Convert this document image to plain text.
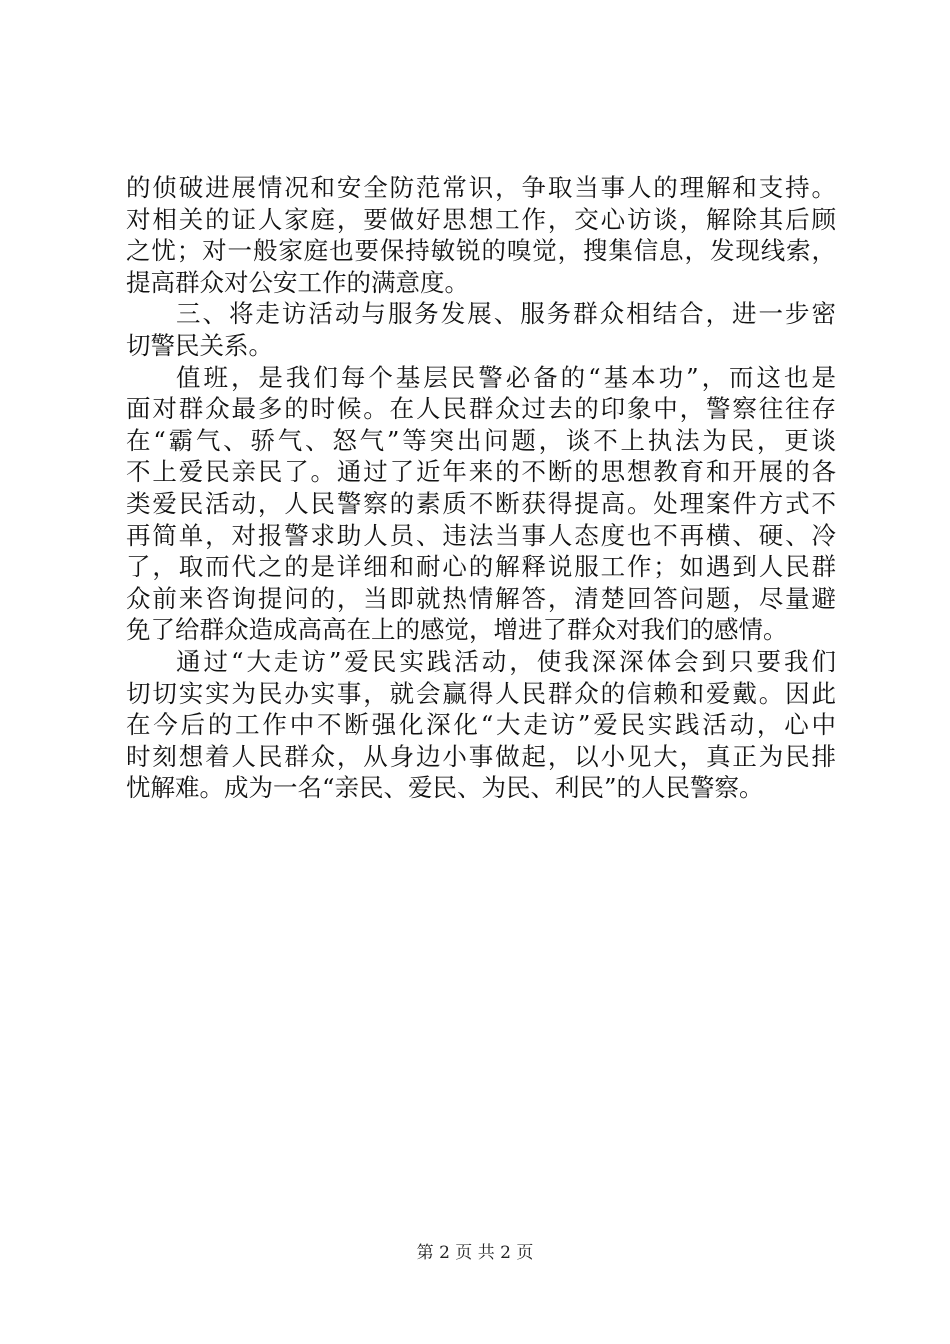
的侦破进展情况和安全防范常识，争取当事人的理解和支持。
对相关的证人家庭，要做好思想工作，交心访谈，解除其后顾
之忧；对一般家庭也要保持敏锐的嗅觉，搜集信息，发现线索，
提高群众对公安工作的满意度。
三、将走访活动与服务发展、服务群众相结合，进一步密
切警民关系。
值班，是我们每个基层民警必备的“基本功”，而这也是
面对群众最多的时候。在人民群众过去的印象中，警察往往存
在“霸气、骄气、怒气”等突出问题，谈不上执法为民，更谈
不上爱民亲民了。通过了近年来的不断的思想教育和开展的各
类爱民活动，人民警察的素质不断获得提高。处理案件方式不
再简单，对报警求助人员、违法当事人态度也不再横、硬、冷
了，取而代之的是详细和耐心的解释说服工作；如遇到人民群
众前来咨询提问的，当即就热情解答，清楚回答问题，尽量避
免了给群众造成高高在上的感觉，增进了群众对我们的感情。
通过“大走访”爱民实践活动，使我深深体会到只要我们
切切实实为民办实事，就会赢得人民群众的信赖和爱戴。因此
在今后的工作中不断强化深化“大走访”爱民实践活动，心中
时刻想着人民群众，从身边小事做起，以小见大，真正为民排
忧解难。成为一名“亲民、爱民、为民、利民”的人民警察。
第 2 页 共 2 页
